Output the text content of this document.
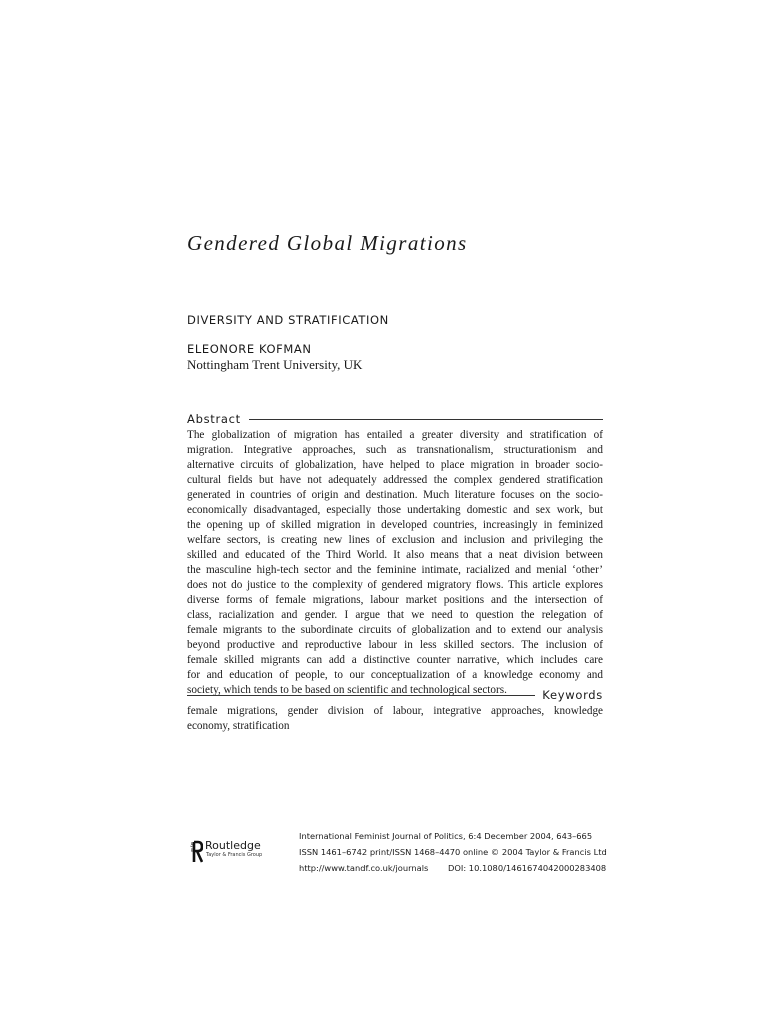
Gendered Global Migrations
DIVERSITY AND STRATIFICATION
ELEONORE KOFMAN
Nottingham Trent University, UK
Abstract
The globalization of migration has entailed a greater diversity and stratification of
migration. Integrative approaches, such as transnationalism, structurationism and
alternative circuits of globalization, have helped to place migration in broader socio-
cultural fields but have not adequately addressed the complex gendered stratification
generated in countries of origin and destination. Much literature focuses on the socio-
economically disadvantaged, especially those undertaking domestic and sex work, but
the opening up of skilled migration in developed countries, increasingly in feminized
welfare sectors, is creating new lines of exclusion and inclusion and privileging the
skilled and educated of the Third World. It also means that a neat division between
the masculine high-tech sector and the feminine intimate, racialized and menial ‘other’
does not do justice to the complexity of gendered migratory flows. This article explores
diverse forms of female migrations, labour market positions and the intersection of
class, racialization and gender. I argue that we need to question the relegation of
female migrants to the subordinate circuits of globalization and to extend our analysis
beyond productive and reproductive labour in less skilled sectors. The inclusion of
female skilled migrants can add a distinctive counter narrative, which includes care
for and education of people, to our conceptualization of a knowledge economy and
society, which tends to be based on scientific and technological sectors.	Keywords
female migrations, gender division of labour, integrative approaches, knowledge
economy, stratification
Taylor Routledge
Taylor & Francis Group
International Feminist Journal of Politics, 6:4 December 2004, 643–665
ISSN 1461–6742 print/ISSN 1468–4470 online © 2004 Taylor & Francis Ltd
http://www.tandf.co.uk/journals DOI: 10.1080/1461674042000283408
